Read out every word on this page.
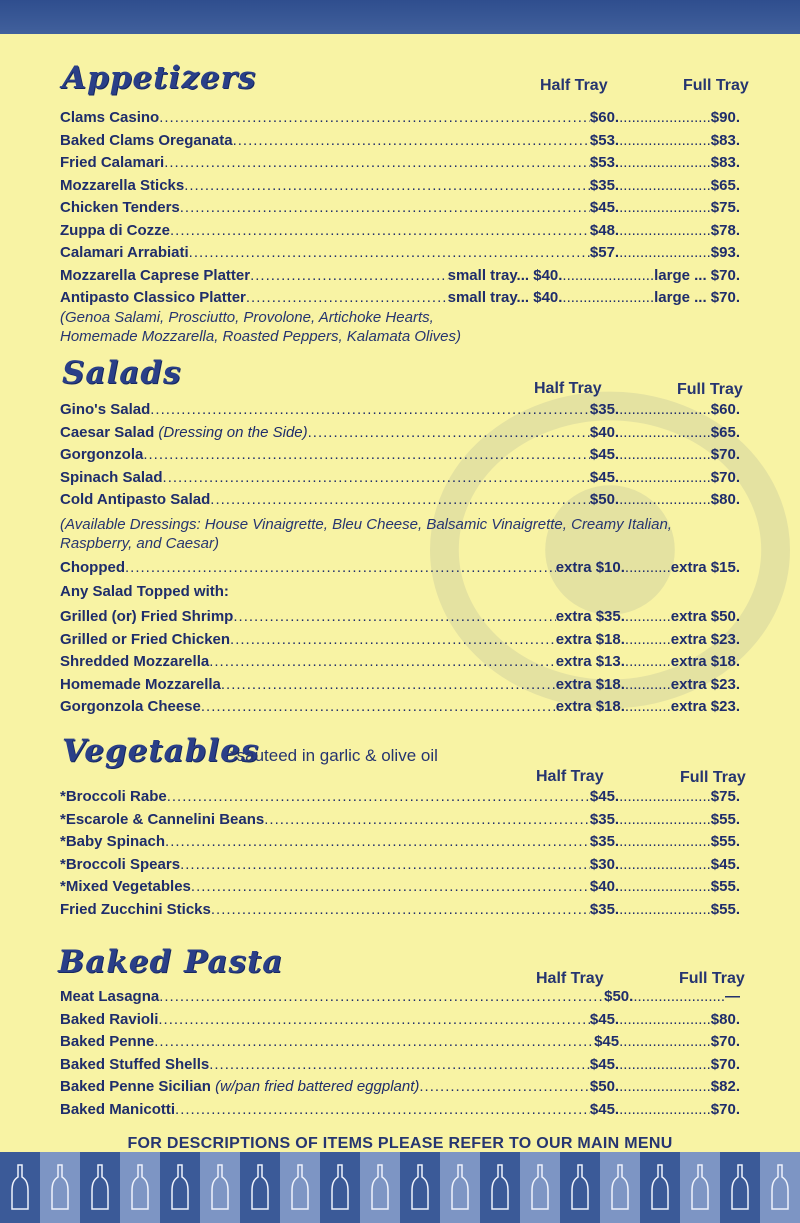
Appetizers	Half Tray	Full Tray
Clams Casino .....	$60. ...................... $90.
Baked Clams Oreganata .....	$53. ...................... $83.
Fried Calamari .....	$53. ...................... $83.
Mozzarella Sticks .....	$35. ...................... $65.
Chicken Tenders .....	$45. ...................... $75.
Zuppa di Cozze .....	$48. ...................... $78.
Calamari Arrabiati .....	$57. ...................... $93.
Mozzarella Caprese Platter .....	small tray... $40. ...................... large ... $70.
Antipasto Classico Platter .....	small tray... $40. ...................... large ... $70.
(Genoa Salami, Prosciutto, Provolone, Artichoke Hearts,
Homemade Mozzarella, Roasted Peppers, Kalamata Olives)
Salads	Half Tray	Full Tray
Gino's Salad .....	$35. ...................... $60.
Caesar Salad (Dressing on the Side) .....	$40. ...................... $65.
Gorgonzola .....	$45. ...................... $70.
Spinach Salad .....	$45. ...................... $70.
Cold Antipasto Salad .....	$50. ...................... $80.
(Available Dressings: House Vinaigrette, Bleu Cheese, Balsamic Vinaigrette, Creamy Italian,
Raspberry, and Caesar)
Chopped .....	extra $10. ........... extra $15.
Any Salad Topped with:
Grilled (or) Fried Shrimp .....	extra $35. ........... extra $50.
Grilled or Fried Chicken .....	extra $18. ........... extra $23.
Shredded Mozzarella .....	extra $13. ........... extra $18.
Homemade Mozzarella .....	extra $18. ........... extra $23.
Gorgonzola Cheese .....	extra $18. ........... extra $23.
Vegetables
*sauteed in garlic & olive oil
Half Tray	Full Tray
*Broccoli Rabe .....	$45. ...................... $75.
*Escarole & Cannelini Beans .....	$35. ...................... $55.
*Baby Spinach .....	$35. ...................... $55.
*Broccoli Spears .....	$30. ...................... $45.
*Mixed Vegetables .....	$40. ...................... $55.
Fried Zucchini Sticks .....	$35. ...................... $55.
Baked Pasta	Half Tray	Full Tray
Meat Lasagna .....	$50. ...................... —
Baked Ravioli .....	$45. ...................... $80.
Baked Penne .....	$45 ...................... $70.
Baked Stuffed Shells .....	$45. ...................... $70.
Baked Penne Sicilian (w/pan fried battered eggplant) .....	$50. ...................... $82.
Baked Manicotti .....	$45. ...................... $70.
FOR DESCRIPTIONS OF ITEMS PLEASE REFER TO OUR MAIN MENU
